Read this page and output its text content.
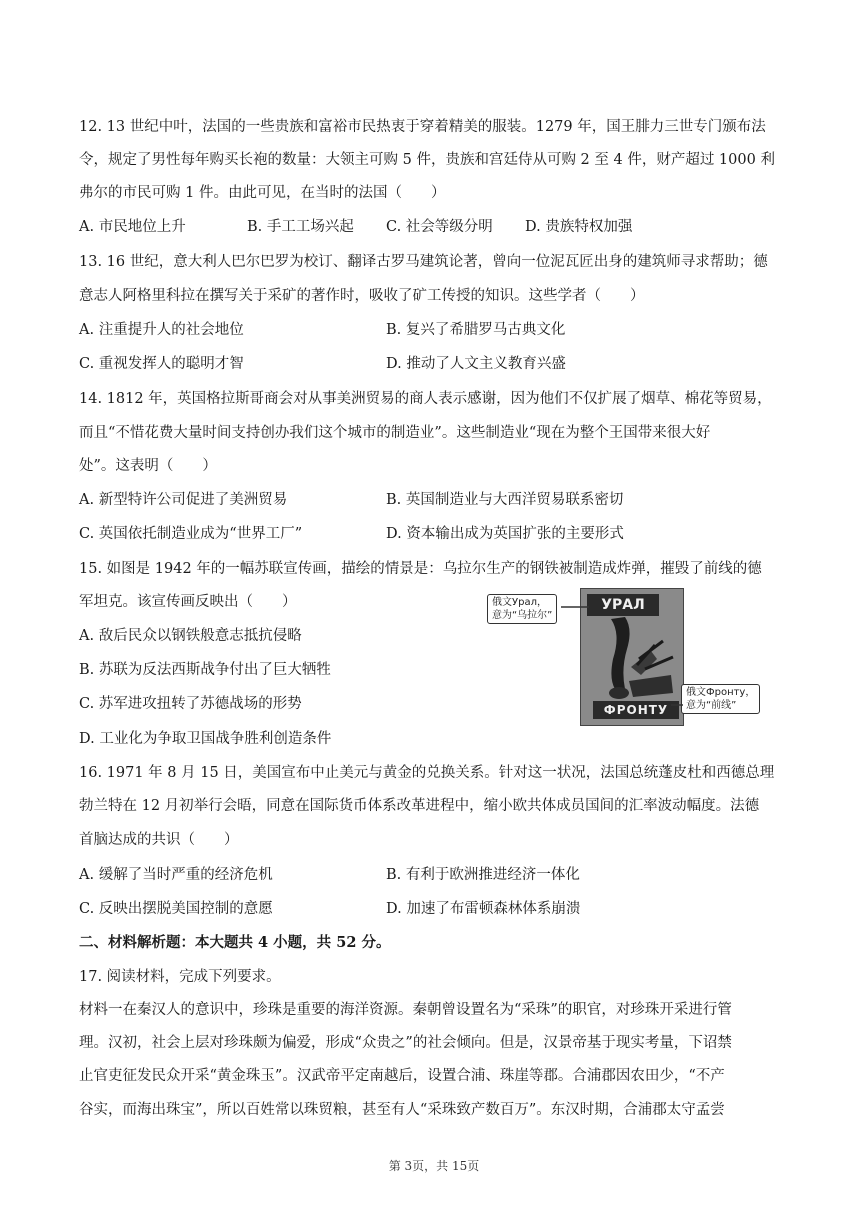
12. 13 世纪中叶，法国的一些贵族和富裕市民热衷于穿着精美的服装。1279 年，国王腓力三世专门颁布法
令，规定了男性每年购买长袍的数量：大领主可购 5 件，贵族和宫廷侍从可购 2 至 4 件，财产超过 1000 利
弗尔的市民可购 1 件。由此可见，在当时的法国（　　）
13. 16 世纪，意大利人巴尔巴罗为校订、翻译古罗马建筑论著，曾向一位泥瓦匠出身的建筑师寻求帮助；德
意志人阿格里科拉在撰写关于采矿的著作时，吸收了矿工传授的知识。这些学者（　　）
14. 1812 年，英国格拉斯哥商会对从事美洲贸易的商人表示感谢，因为他们不仅扩展了烟草、棉花等贸易，
而且“不惜花费大量时间支持创办我们这个城市的制造业”。这些制造业“现在为整个王国带来很大好
处”。这表明（　　）
15. 如图是 1942 年的一幅苏联宣传画，描绘的情景是：乌拉尔生产的钢铁被制造成炸弹，摧毁了前线的德
军坦克。该宣传画反映出（　　）
16. 1971 年 8 月 15 日，美国宣布中止美元与黄金的兑换关系。针对这一状况，法国总统蓬皮杜和西德总理
勃兰特在 12 月初举行会晤，同意在国际货币体系改革进程中，缩小欧共体成员国间的汇率波动幅度。法德
首脑达成的共识（　　）
17. 阅读材料，完成下列要求。
材料一在秦汉人的意识中，珍珠是重要的海洋资源。秦朝曾设置名为“采珠”的职官，对珍珠开采进行管
理。汉初，社会上层对珍珠颇为偏爱，形成“众贵之”的社会倾向。但是，汉景帝基于现实考量，下诏禁
止官吏征发民众开采“黄金珠玉”。汉武帝平定南越后，设置合浦、珠崖等郡。合浦郡因农田少，“不产
谷实，而海出珠宝”，所以百姓常以珠贸粮，甚至有人“采珠致产数百万”。东汉时期，合浦郡太守孟尝
二、材料解析题：本大题共 4 小题，共 52 分。
A. 市民地位上升	B. 手工工场兴起 C. 社会等级分明 D. 贵族特权加强
A. 注重提升人的社会地位	B. 复兴了希腊罗马古典文化
C. 重视发挥人的聪明才智	D. 推动了人文主义教育兴盛
A. 新型特许公司促进了美洲贸易	B. 英国制造业与大西洋贸易联系密切
C. 英国依托制造业成为“世界工厂”	D. 资本输出成为英国扩张的主要形式
A. 敌后民众以钢铁般意志抵抗侵略
B. 苏联为反法西斯战争付出了巨大牺牲
C. 苏军进攻扭转了苏德战场的形势
D. 工业化为争取卫国战争胜利创造条件
A. 缓解了当时严重的经济危机	B. 有利于欧洲推进经济一体化
C. 反映出摆脱美国控制的意愿	D. 加速了布雷顿森林体系崩溃
УРАЛ
ФРОНТУ
俄文Урал，
意为“乌拉尔”
俄文Фронту，
意为“前线”
第 3页，共 15页
